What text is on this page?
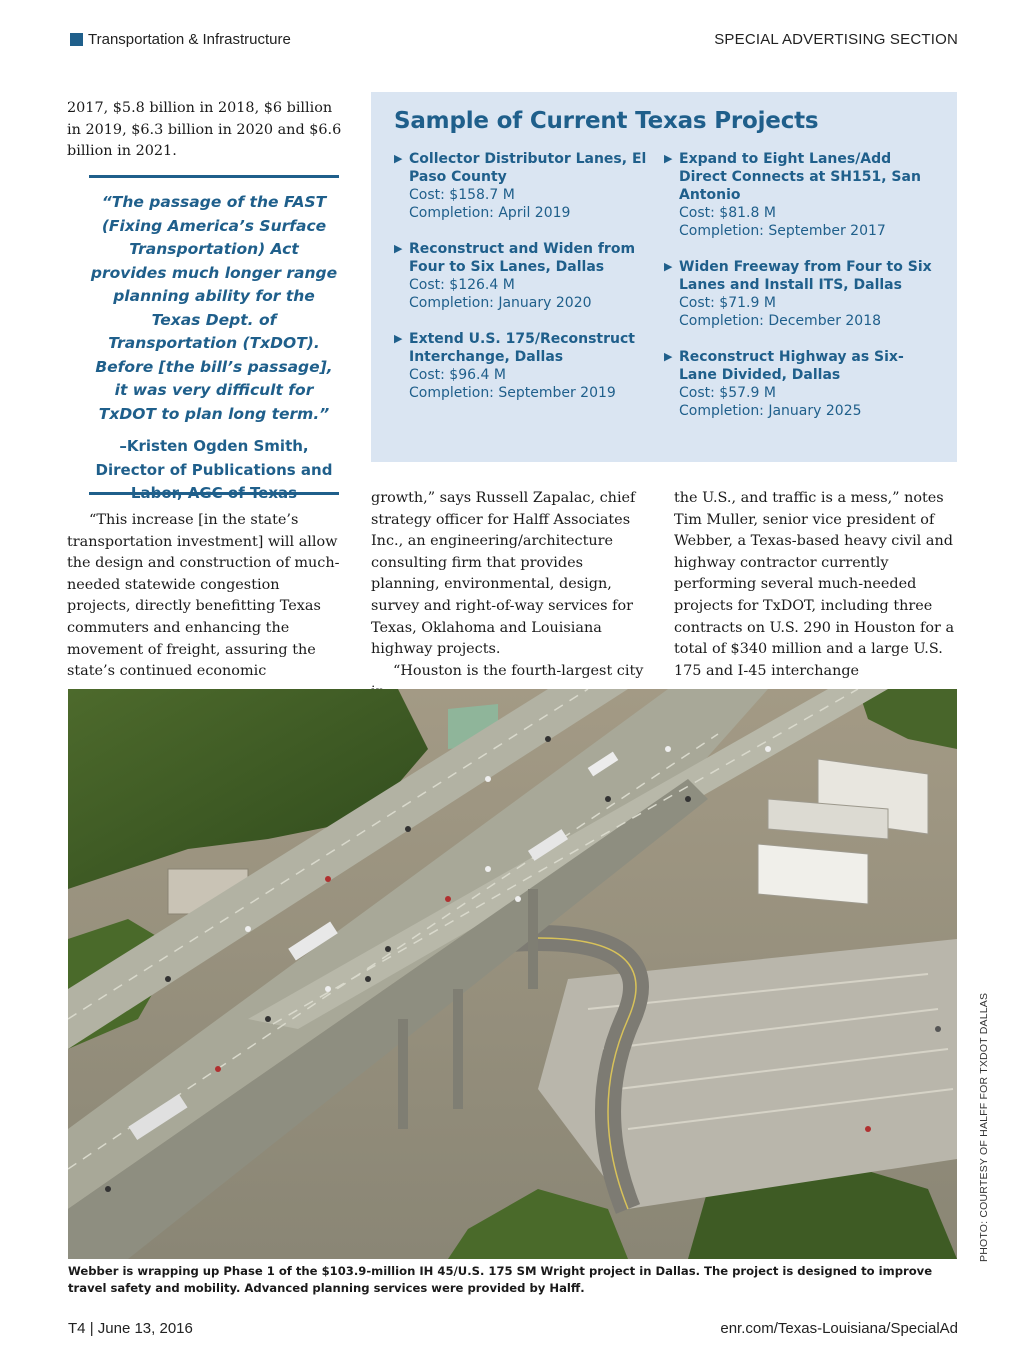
Transportation & Infrastructure	SPECIAL ADVERTISING SECTION

2017, $5.8 billion in 2018, $6 billion in 2019, $6.3 billion in 2020 and $6.6 billion in 2021.

“The passage of the FAST (Fixing America’s Surface Transportation) Act provides much longer range planning ability for the Texas Dept. of Transportation (TxDOT). Before [the bill’s passage], it was very difficult for TxDOT to plan long term.”
–Kristen Ogden Smith, Director of Publications and Labor, AGC of Texas

“This increase [in the state’s transportation investment] will allow the design and construction of much-needed statewide congestion projects, directly benefitting Texas commuters and enhancing the movement of freight, assuring the state’s continued economic

Sample of Current Texas Projects
▶ Collector Distributor Lanes, El Paso County
Cost: $158.7 M
Completion: April 2019
▶ Reconstruct and Widen from Four to Six Lanes, Dallas
Cost: $126.4 M
Completion: January 2020
▶ Extend U.S. 175/Reconstruct Interchange, Dallas
Cost: $96.4 M
Completion: September 2019
▶ Expand to Eight Lanes/Add Direct Connects at SH151, San Antonio
Cost: $81.8 M
Completion: September 2017
▶ Widen Freeway from Four to Six Lanes and Install ITS, Dallas
Cost: $71.9 M
Completion: December 2018
▶ Reconstruct Highway as Six-Lane Divided, Dallas
Cost: $57.9 M
Completion: January 2025

growth,” says Russell Zapalac, chief strategy officer for Halff Associates Inc., an engineering/architecture consulting firm that provides planning, environmental, design, survey and right-of-way services for Texas, Oklahoma and Louisiana highway projects.

“Houston is the fourth-largest city

the U.S., and traffic is a mess,” notes Tim Muller, senior vice president of Webber, a Texas-based heavy civil and highway contractor currently performing several much-needed projects for TxDOT, including three contracts on U.S. 290 in Houston for a total of $340 million and a large U.S. 175 and I-45 interchange

PHOTO: COURTESY OF HALFF FOR TXDOT DALLAS

Webber is wrapping up Phase 1 of the $103.9-million IH 45/U.S. 175 SM Wright project in Dallas. The project is designed to improve travel safety and mobility. Advanced planning services were provided by Halff.

T4 | June 13, 2016	enr.com/Texas-Louisiana/SpecialAd
